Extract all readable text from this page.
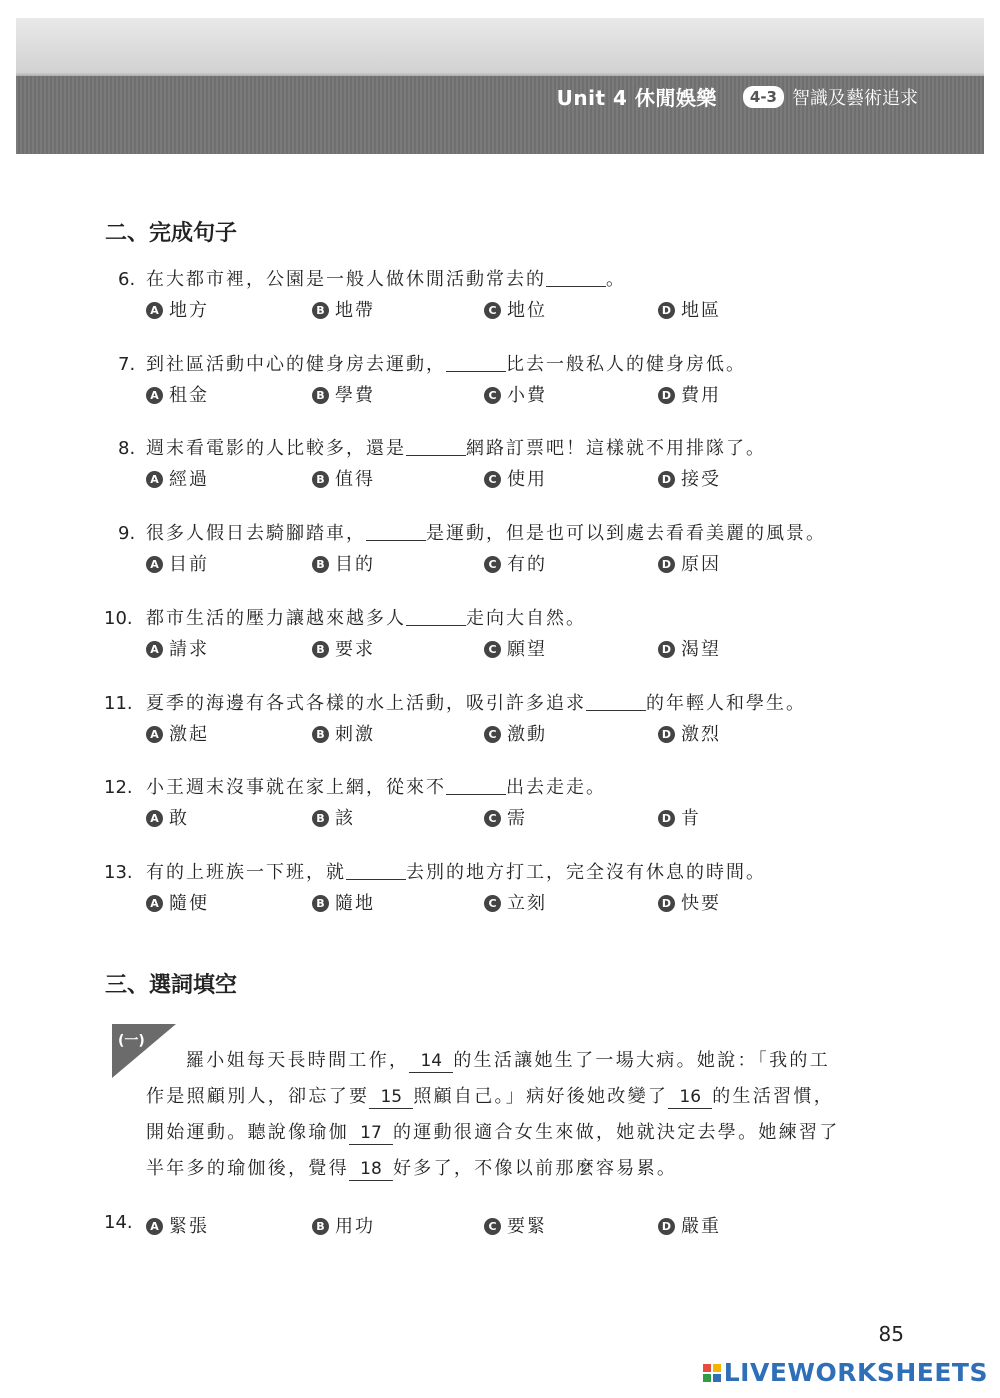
Unit 4 休閒娛樂	4-3 智識及藝術追求
二、完成句子
6. 在大都市裡，公園是一般人做休閒活動常去的	。
A 地方	B 地帶	C 地位	D 地區
7. 到社區活動中心的健身房去運動，	比去一般私人的健身房低。
A 租金	B 學費	C 小費	D 費用
8. 週末看電影的人比較多，還是	網路訂票吧！這樣就不用排隊了。
A 經過	B 值得	C 使用	D 接受
9. 很多人假日去騎腳踏車，	是運動，但是也可以到處去看看美麗的風景。
A 目前	B 目的	C 有的	D 原因
10. 都市生活的壓力讓越來越多人	走向大自然。
A 請求	B 要求	C 願望	D 渴望
11. 夏季的海邊有各式各樣的水上活動，吸引許多追求	的年輕人和學生。
A 激起	B 刺激	C 激動	D 激烈
12. 小王週末沒事就在家上網，從來不	出去走走。
A 敢	B 該	C 需	D 肯
13. 有的上班族一下班，就	去別的地方打工，完全沒有休息的時間。
A 隨便	B 隨地	C 立刻	D 快要
三、選詞填空
(一)
羅小姐每天長時間工作， 14 的生活讓她生了一場大病。她說：「我的工
作是照顧別人，卻忘了要 15 照顧自己。」病好後她改變了 16 的生活習慣，
開始運動。聽說像瑜伽 17 的運動很適合女生來做，她就決定去學。她練習了
半年多的瑜伽後，覺得 18 好多了，不像以前那麼容易累。
14.	A 緊張	B 用功	C 要緊	D 嚴重
85
LIVEWORKSHEETS
